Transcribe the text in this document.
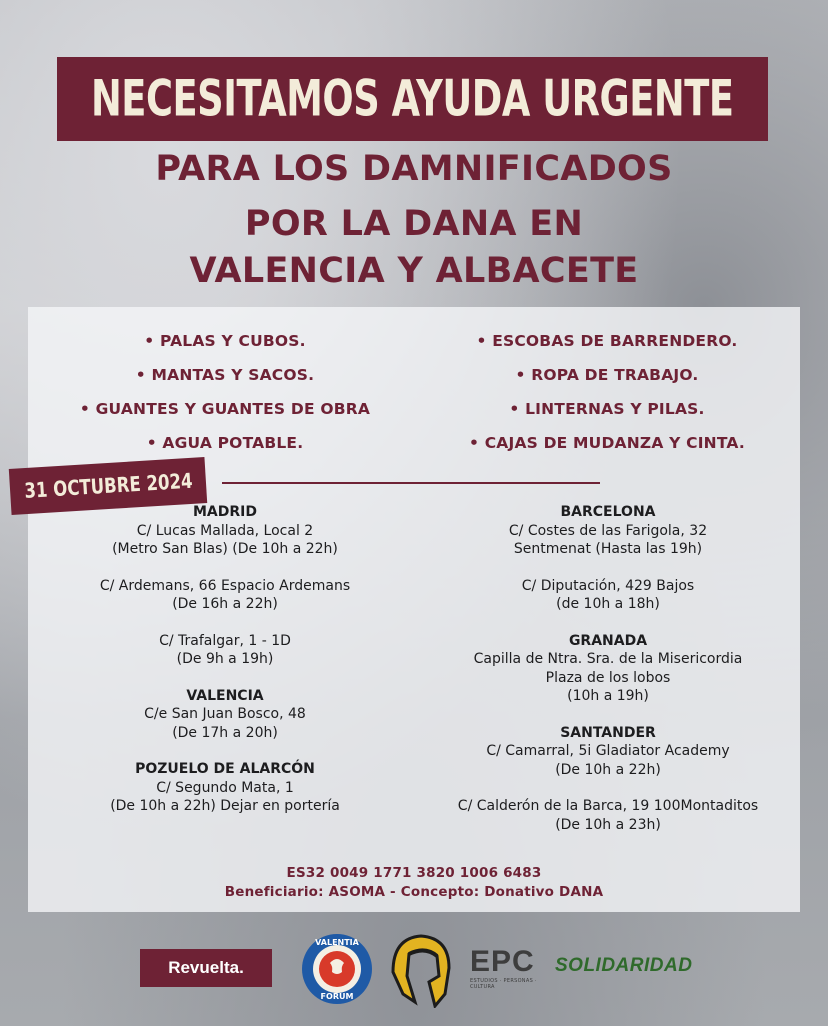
NECESITAMOS AYUDA URGENTE
PARA LOS DAMNIFICADOS
POR LA DANA EN
VALENCIA Y ALBACETE
• PALAS Y CUBOS.
• MANTAS Y SACOS.
• GUANTES Y GUANTES DE OBRA
• AGUA POTABLE.
• ESCOBAS DE BARRENDERO.
• ROPA DE TRABAJO.
• LINTERNAS Y PILAS.
• CAJAS DE MUDANZA Y CINTA.
31 OCTUBRE 2024
MADRID
C/ Lucas Mallada, Local 2
(Metro San Blas) (De 10h a 22h)
C/ Ardemans, 66 Espacio Ardemans
(De 16h a 22h)
C/ Trafalgar, 1 - 1D
(De 9h a 19h)
VALENCIA
C/e San Juan Bosco, 48
(De 17h a 20h)
POZUELO DE ALARCÓN
C/ Segundo Mata, 1
(De 10h a 22h) Dejar en portería
BARCELONA
C/ Costes de las Farigola, 32
Sentmenat (Hasta las 19h)
C/ Diputación, 429 Bajos
(de 10h a 18h)
GRANADA
Capilla de Ntra. Sra. de la Misericordia
Plaza de los lobos
(10h a 19h)
SANTANDER
C/ Camarral, 5i Gladiator Academy
(De 10h a 22h)
C/ Calderón de la Barca, 19 100Montaditos
(De 10h a 23h)
ES32 0049 1771 3820 1006 6483
Beneficiario: ASOMA - Concepto: Donativo DANA
Revuelta.
VALENTIA
FORUM
EPC
ESTUDIOS · PERSONAS · CULTURA
SOLIDARIDAD
